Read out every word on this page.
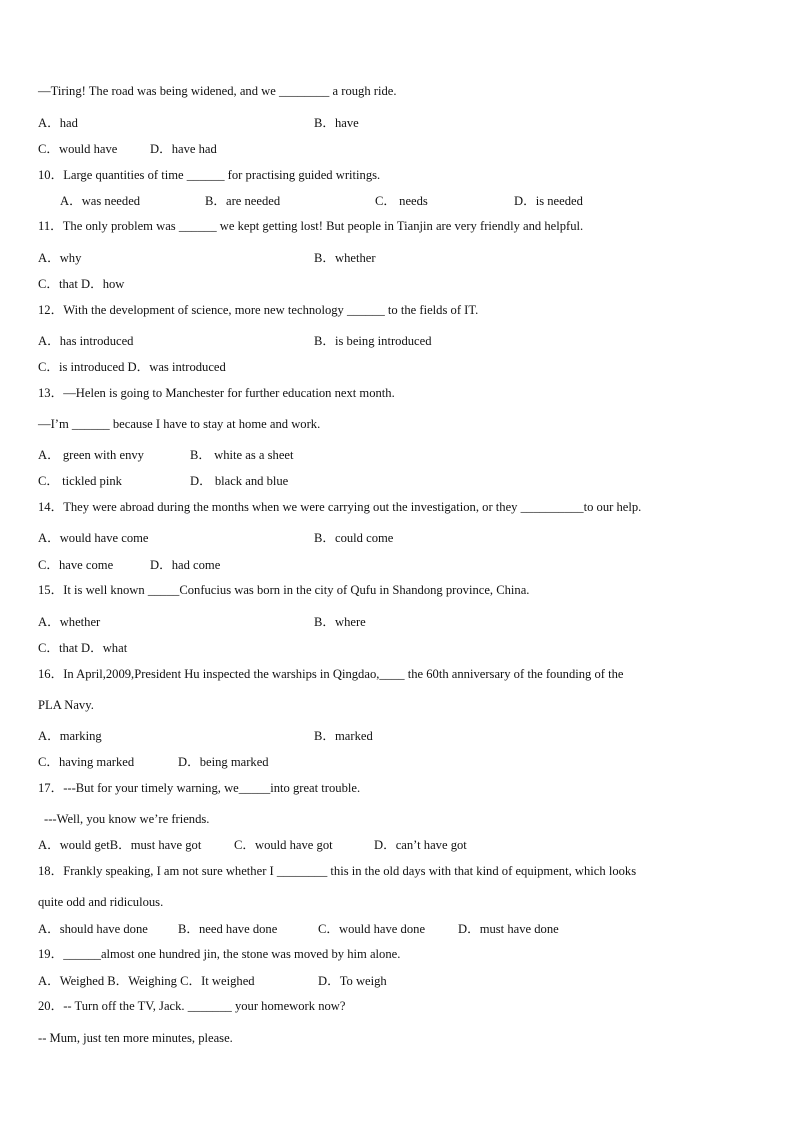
—Tiring! The road was being widened, and we ________ a rough ride.
A．had	B．have
C．would have	D．have had
10．Large quantities of time ______ for practising guided writings.
A．was needed	B．are needed	C． needs	D．is needed
11．The only problem was ______ we kept getting lost! But people in Tianjin are very friendly and helpful.
A．why	B．whether
C．that D．how
12．With the development of science, more new technology ______ to the fields of IT.
A．has introduced	B．is being introduced
C．is introduced D．was introduced
13．—Helen is going to Manchester for further education next month.
—I’m ______ because I have to stay at home and work.
A． green with envy	B． white as a sheet
C． tickled pink	D． black and blue
14．They were abroad during the months when we were carrying out the investigation, or they __________to our help.
A．would have come	B．could come
C．have come	D．had come
15．It is well known _____Confucius was born in the city of Qufu in Shandong province, China.
A．whether	B．where
C．that D．what
16．In April,2009,President Hu inspected the warships in Qingdao,____ the 60th anniversary of the founding of the
PLA Navy.
A．marking	B．marked
C．having marked	D．being marked
17．---But for your timely warning, we_____into great trouble.
---Well, you know we’re friends.
A．would getB．must have got	C．would have got	D．can’t have got
18．Frankly speaking, I am not sure whether I ________ this in the old days with that kind of equipment, which looks
quite odd and ridiculous.
A．should have done B．need have done	C．would have done	D．must have done
19．______almost one hundred jin, the stone was moved by him alone.
A．Weighed B．Weighing C．It weighed	D．To weigh
20．-- Turn off the TV, Jack. _______ your homework now?
-- Mum, just ten more minutes, please.
